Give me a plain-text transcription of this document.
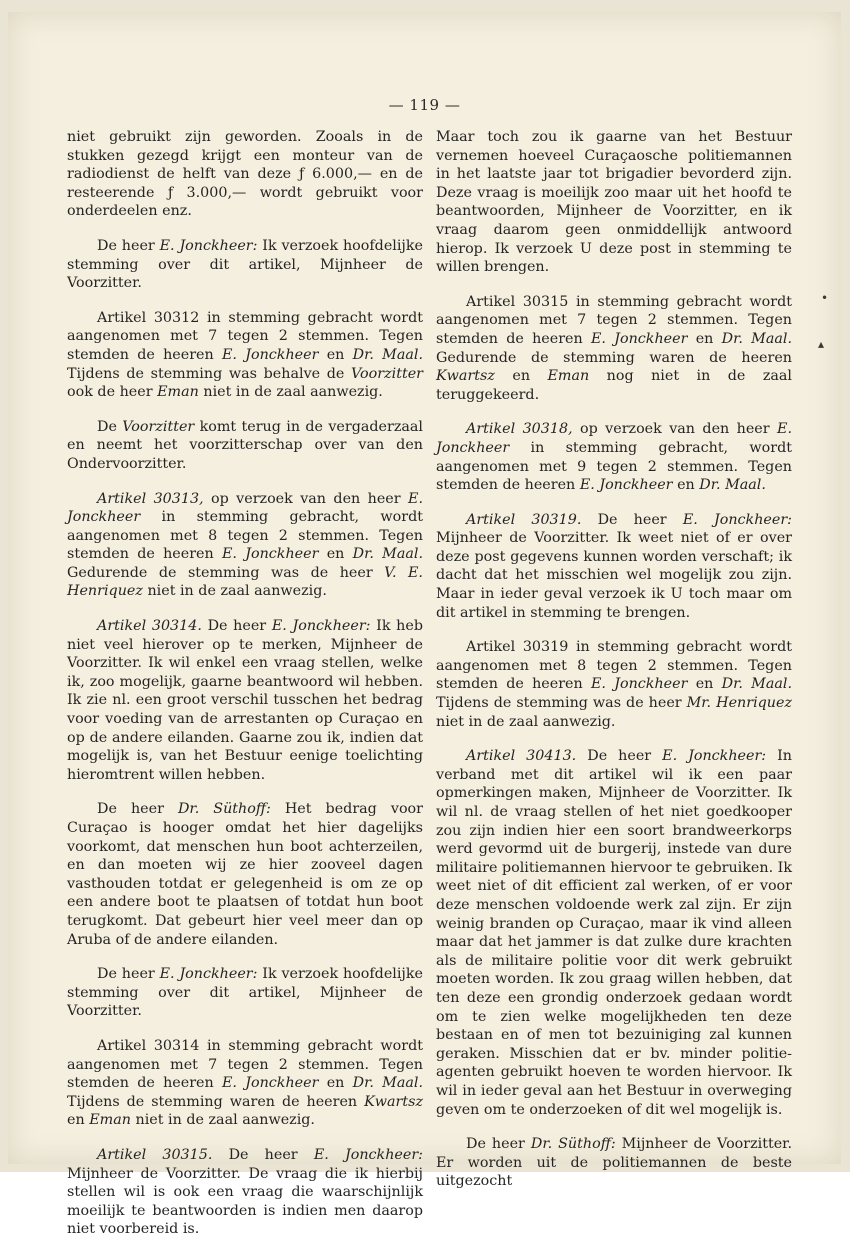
— 119 —

niet gebruikt zijn geworden. Zooals in de stukken gezegd krijgt een monteur van de radiodienst de helft van deze ƒ 6.000,— en de resteerende ƒ 3.000,— wordt gebruikt voor onderdeelen enz.

De heer E. Jonckheer: Ik verzoek hoofdelijke stemming over dit artikel, Mijnheer de Voorzitter.

Artikel 30312 in stemming gebracht wordt aangenomen met 7 tegen 2 stemmen. Tegen stemden de heeren E. Jonckheer en Dr. Maal. Tijdens de stemming was behalve de Voorzitter ook de heer Eman niet in de zaal aanwezig.

De Voorzitter komt terug in de vergaderzaal en neemt het voorzitterschap over van den Ondervoorzitter.

Artikel 30313, op verzoek van den heer E. Jonckheer in stemming gebracht, wordt aangenomen met 8 tegen 2 stemmen. Tegen stemden de heeren E. Jonckheer en Dr. Maal. Gedurende de stemming was de heer V. E. Henriquez niet in de zaal aanwezig.

Artikel 30314. De heer E. Jonckheer: Ik heb niet veel hierover op te merken, Mijnheer de Voorzitter. Ik wil enkel een vraag stellen, welke ik, zoo mogelijk, gaarne beantwoord wil hebben. Ik zie nl. een groot verschil tusschen het bedrag voor voeding van de arrestanten op Curaçao en op de andere eilanden. Gaarne zou ik, indien dat mogelijk is, van het Bestuur eenige toelichting hieromtrent willen hebben.

De heer Dr. Süthoff: Het bedrag voor Curaçao is hooger omdat het hier dagelijks voorkomt, dat menschen hun boot achterzeilen, en dan moeten wij ze hier zooveel dagen vasthouden totdat er gelegenheid is om ze op een andere boot te plaatsen of totdat hun boot terugkomt. Dat gebeurt hier veel meer dan op Aruba of de andere eilanden.

De heer E. Jonckheer: Ik verzoek hoofdelijke stemming over dit artikel, Mijnheer de Voorzitter.

Artikel 30314 in stemming gebracht wordt aangenomen met 7 tegen 2 stemmen. Tegen stemden de heeren E. Jonckheer en Dr. Maal. Tijdens de stemming waren de heeren Kwartsz en Eman niet in de zaal aanwezig.

Artikel 30315. De heer E. Jonckheer: Mijnheer de Voorzitter. De vraag die ik hierbij stellen wil is ook een vraag die waarschijnlijk moeilijk te beantwoorden is indien men daarop niet voorbereid is.

Maar toch zou ik gaarne van het Bestuur vernemen hoeveel Curaçaosche politiemannen in het laatste jaar tot brigadier bevorderd zijn. Deze vraag is moeilijk zoo maar uit het hoofd te beantwoorden, Mijnheer de Voorzitter, en ik vraag daarom geen onmiddellijk antwoord hierop. Ik verzoek U deze post in stemming te willen brengen.

Artikel 30315 in stemming gebracht wordt aangenomen met 7 tegen 2 stemmen. Tegen stemden de heeren E. Jonckheer en Dr. Maal. Gedurende de stemming waren de heeren Kwartsz en Eman nog niet in de zaal teruggekeerd.

Artikel 30318, op verzoek van den heer E. Jonckheer in stemming gebracht, wordt aangenomen met 9 tegen 2 stemmen. Tegen stemden de heeren E. Jonckheer en Dr. Maal.

Artikel 30319. De heer E. Jonckheer: Mijnheer de Voorzitter. Ik weet niet of er over deze post gegevens kunnen worden verschaft; ik dacht dat het misschien wel mogelijk zou zijn. Maar in ieder geval verzoek ik U toch maar om dit artikel in stemming te brengen.

Artikel 30319 in stemming gebracht wordt aangenomen met 8 tegen 2 stemmen. Tegen stemden de heeren E. Jonckheer en Dr. Maal. Tijdens de stemming was de heer Mr. Henriquez niet in de zaal aanwezig.

Artikel 30413. De heer E. Jonckheer: In verband met dit artikel wil ik een paar opmerkingen maken, Mijnheer de Voorzitter. Ik wil nl. de vraag stellen of het niet goedkooper zou zijn indien hier een soort brandweerkorps werd gevormd uit de burgerij, instede van dure militaire politiemannen hiervoor te gebruiken. Ik weet niet of dit efficient zal werken, of er voor deze menschen voldoende werk zal zijn. Er zijn weinig branden op Curaçao, maar ik vind alleen maar dat het jammer is dat zulke dure krachten als de militaire politie voor dit werk gebruikt moeten worden. Ik zou graag willen hebben, dat ten deze een grondig onderzoek gedaan wordt om te zien welke mogelijkheden ten deze bestaan en of men tot bezuiniging zal kunnen geraken. Misschien dat er bv. minder politie-agenten gebruikt hoeven te worden hiervoor. Ik wil in ieder geval aan het Bestuur in overweging geven om te onderzoeken of dit wel mogelijk is.

De heer Dr. Süthoff: Mijnheer de Voorzitter. Er worden uit de politiemannen de beste uitgezocht

•
▴
